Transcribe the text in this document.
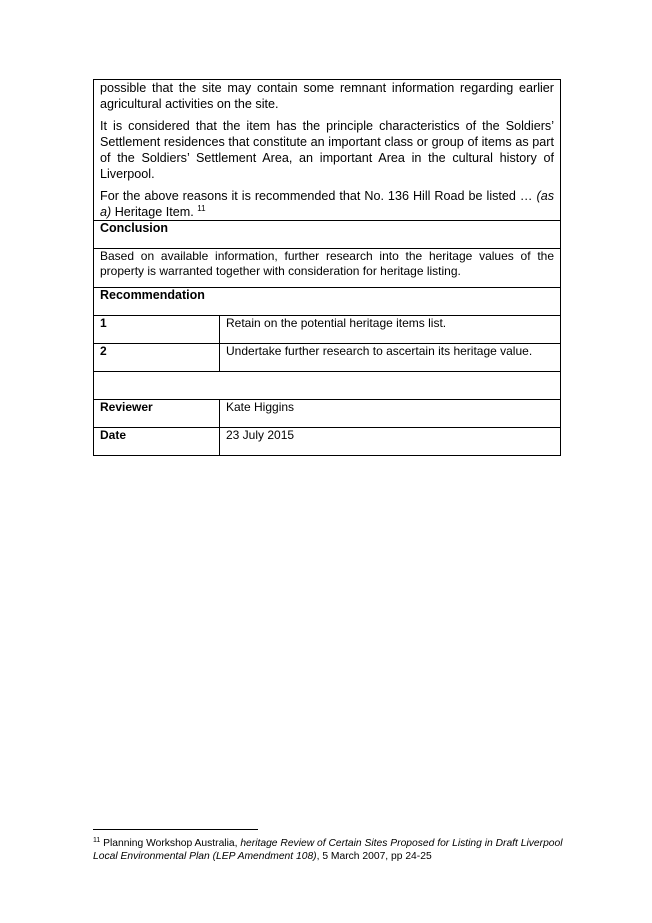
possible that the site may contain some remnant information regarding earlier agricultural activities on the site.

It is considered that the item has the principle characteristics of the Soldiers’ Settlement residences that constitute an important class or group of items as part of the Soldiers’ Settlement Area, an important Area in the cultural history of Liverpool.

For the above reasons it is recommended that No. 136 Hill Road be listed … (as a) Heritage Item. $^{11}$

Conclusion	
Based on available information, further research into the heritage values of the property is warranted together with consideration for heritage listing.	
Recommendation	
1	Retain on the potential heritage items list.
2	Undertake further research to ascertain its heritage value.

Reviewer	Kate Higgins
Date	23 July 2015
$^{11}$ Planning Workshop Australia, heritage Review of Certain Sites Proposed for Listing in Draft Liverpool Local Environmental Plan (LEP Amendment 108), 5 March 2007, pp 24-25
